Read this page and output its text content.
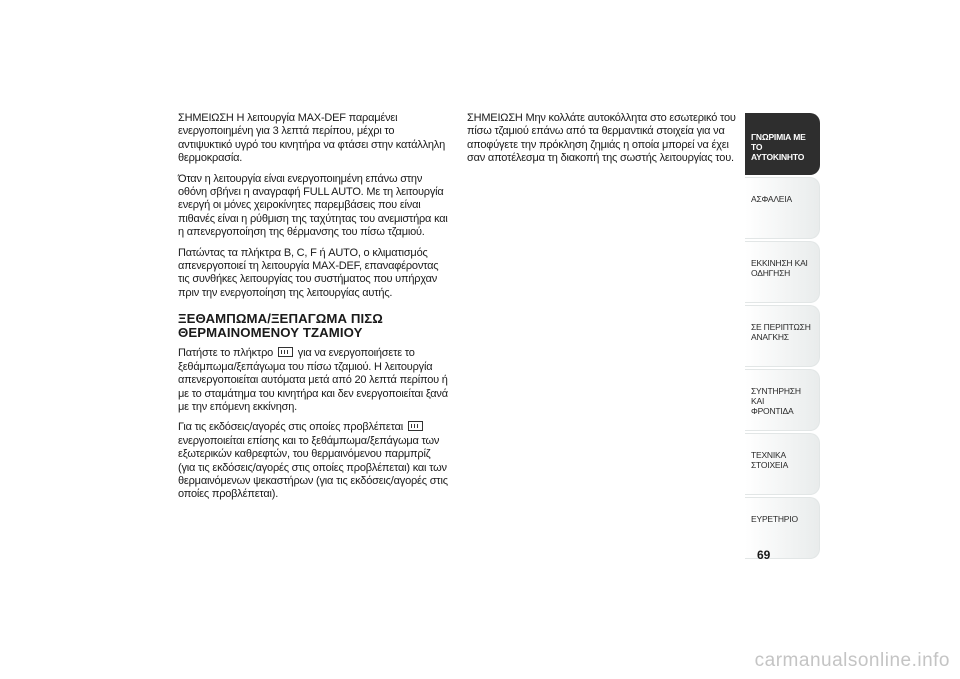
ΣΗΜΕΙΩΣΗ Η λειτουργία MAX-DEF παραμένει ενεργοποιημένη για 3 λεπτά περίπου, μέχρι το αντιψυκτικό υγρό του κινητήρα να φτάσει στην κατάλληλη θερμοκρασία.

Όταν η λειτουργία είναι ενεργοποιημένη επάνω στην οθόνη σβήνει η αναγραφή FULL AUTO. Με τη λειτουργία ενεργή οι μόνες χειροκίνητες παρεμβάσεις που είναι πιθανές είναι η ρύθμιση της ταχύτητας του ανεμιστήρα και η απενεργοποίηση της θέρμανσης του πίσω τζαμιού.

Πατώντας τα πλήκτρα B, C, F ή AUTO, ο κλιματισμός απενεργοποιεί τη λειτουργία MAX-DEF, επαναφέροντας τις συνθήκες λειτουργίας του συστήματος που υπήρχαν πριν την ενεργοποίηση της λειτουργίας αυτής.

ΞΕΘΑΜΠΩΜΑ/ΞΕΠΑΓΩΜΑ ΠΙΣΩ
ΘΕΡΜΑΙΝΟΜΕΝΟΥ ΤΖΑΜΙΟΥ

Πατήστε το πλήκτρο για να ενεργοποιήσετε το ξεθάμπωμα/ξεπάγωμα του πίσω τζαμιού. Η λειτουργία απενεργοποιείται αυτόματα μετά από 20 λεπτά περίπου ή με το σταμάτημα του κινητήρα και δεν ενεργοποιείται ξανά με την επόμενη εκκίνηση.

Για τις εκδόσεις/αγορές στις οποίες προβλέπεται  ενεργοποιείται επίσης και το ξεθάμπωμα/ξεπάγωμα των εξωτερικών καθρεφτών, του θερμαινόμενου παρμπρίζ (για τις εκδόσεις/αγορές στις οποίες προβλέπεται) και των θερμαινόμενων ψεκαστήρων (για τις εκδόσεις/αγορές στις οποίες προβλέπεται).

ΣΗΜΕΙΩΣΗ Μην κολλάτε αυτοκόλλητα στο εσωτερικό του πίσω τζαμιού επάνω από τα θερμαντικά στοιχεία για να αποφύγετε την πρόκληση ζημιάς η οποία μπορεί να έχει σαν αποτέλεσμα τη διακοπή της σωστής λειτουργίας του.

ΓΝΩΡΙΜΙΑ ΜΕ ΤΟ
ΑΥΤΟΚΙΝΗΤΟ
ΑΣΦΑΛΕΙΑ
ΕΚΚΙΝΗΣΗ ΚΑΙ
ΟΔΗΓΗΣΗ
ΣΕ ΠΕΡΙΠΤΩΣΗ
ΑΝΑΓΚΗΣ
ΣΥΝΤΗΡΗΣΗ ΚΑΙ
ΦΡΟΝΤΙΔΑ
ΤΕΧΝΙΚΑ ΣΤΟΙΧΕΙΑ
ΕΥΡΕΤΗΡΙΟ
69
carmanualsonline.info
